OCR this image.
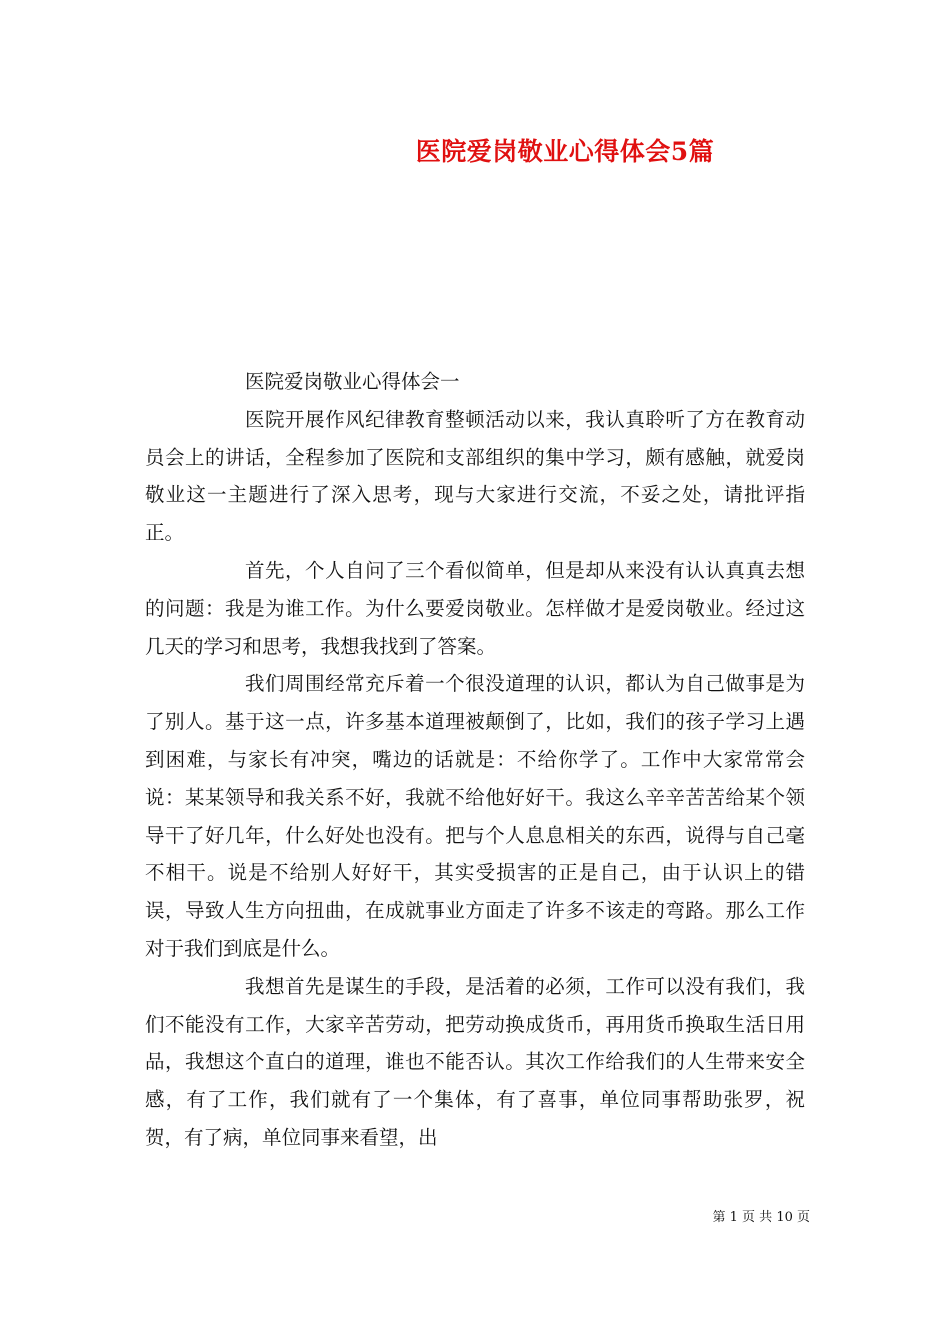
医院爱岗敬业心得体会5篇

医院爱岗敬业心得体会一

医院开展作风纪律教育整顿活动以来，我认真聆听了方在教育动员会上的讲话，全程参加了医院和支部组织的集中学习，颇有感触，就爱岗敬业这一主题进行了深入思考，现与大家进行交流，不妥之处，请批评指正。

首先，个人自问了三个看似简单，但是却从来没有认认真真去想的问题：我是为谁工作。为什么要爱岗敬业。怎样做才是爱岗敬业。经过这几天的学习和思考，我想我找到了答案。

我们周围经常充斥着一个很没道理的认识，都认为自己做事是为了别人。基于这一点，许多基本道理被颠倒了，比如，我们的孩子学习上遇到困难，与家长有冲突，嘴边的话就是：不给你学了。工作中大家常常会说：某某领导和我关系不好，我就不给他好好干。我这么辛辛苦苦给某个领导干了好几年，什么好处也没有。把与个人息息相关的东西，说得与自己毫不相干。说是不给别人好好干，其实受损害的正是自己，由于认识上的错误，导致人生方向扭曲，在成就事业方面走了许多不该走的弯路。那么工作对于我们到底是什么。

我想首先是谋生的手段，是活着的必须，工作可以没有我们，我们不能没有工作，大家辛苦劳动，把劳动换成货币，再用货币换取生活日用品，我想这个直白的道理，谁也不能否认。其次工作给我们的人生带来安全感，有了工作，我们就有了一个集体，有了喜事，单位同事帮助张罗，祝贺，有了病，单位同事来看望，出

第 1 页 共 10 页
